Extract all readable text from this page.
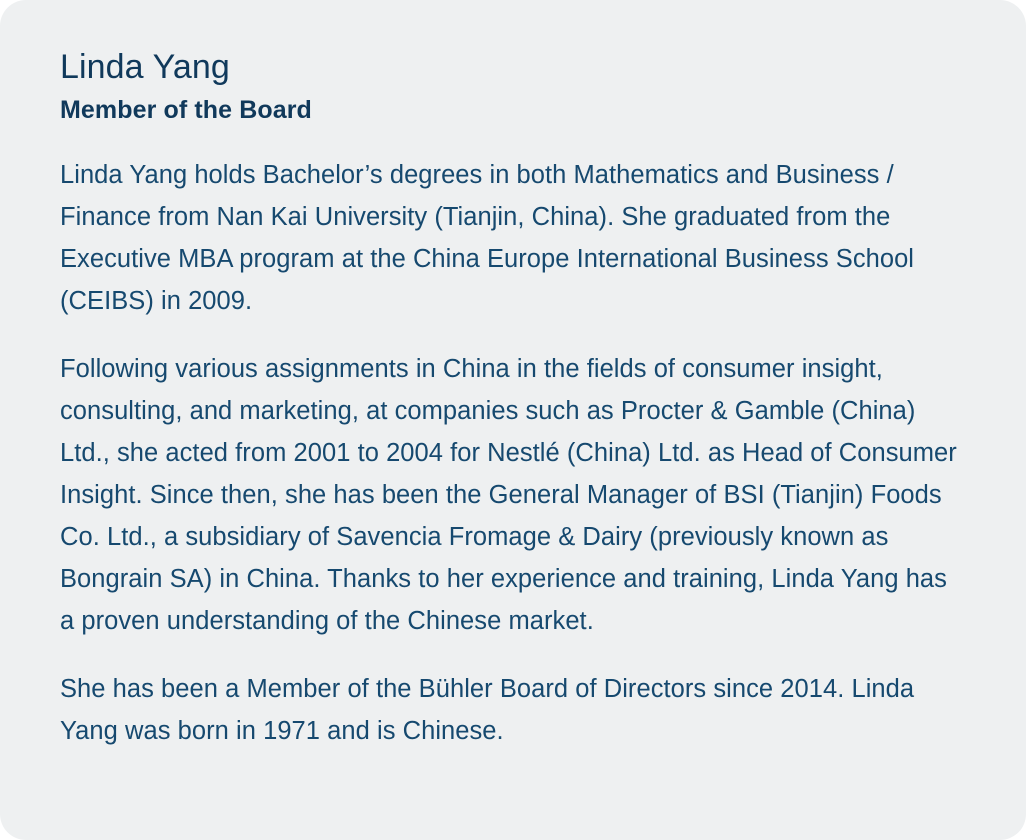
Linda Yang
Member of the Board

Linda Yang holds Bachelor’s degrees in both Mathematics and Business / Finance from Nan Kai University (Tianjin, China). She graduated from the Executive MBA program at the China Europe International Business School (CEIBS) in 2009.

Following various assignments in China in the fields of consumer insight, consulting, and marketing, at companies such as Procter & Gamble (China) Ltd., she acted from 2001 to 2004 for Nestlé (China) Ltd. as Head of Consumer Insight. Since then, she has been the General Manager of BSI (Tianjin) Foods Co. Ltd., a subsidiary of Savencia Fromage & Dairy (previously known as Bongrain SA) in China. Thanks to her experience and training, Linda Yang has a proven understanding of the Chinese market.

She has been a Member of the Bühler Board of Directors since 2014. Linda Yang was born in 1971 and is Chinese.
